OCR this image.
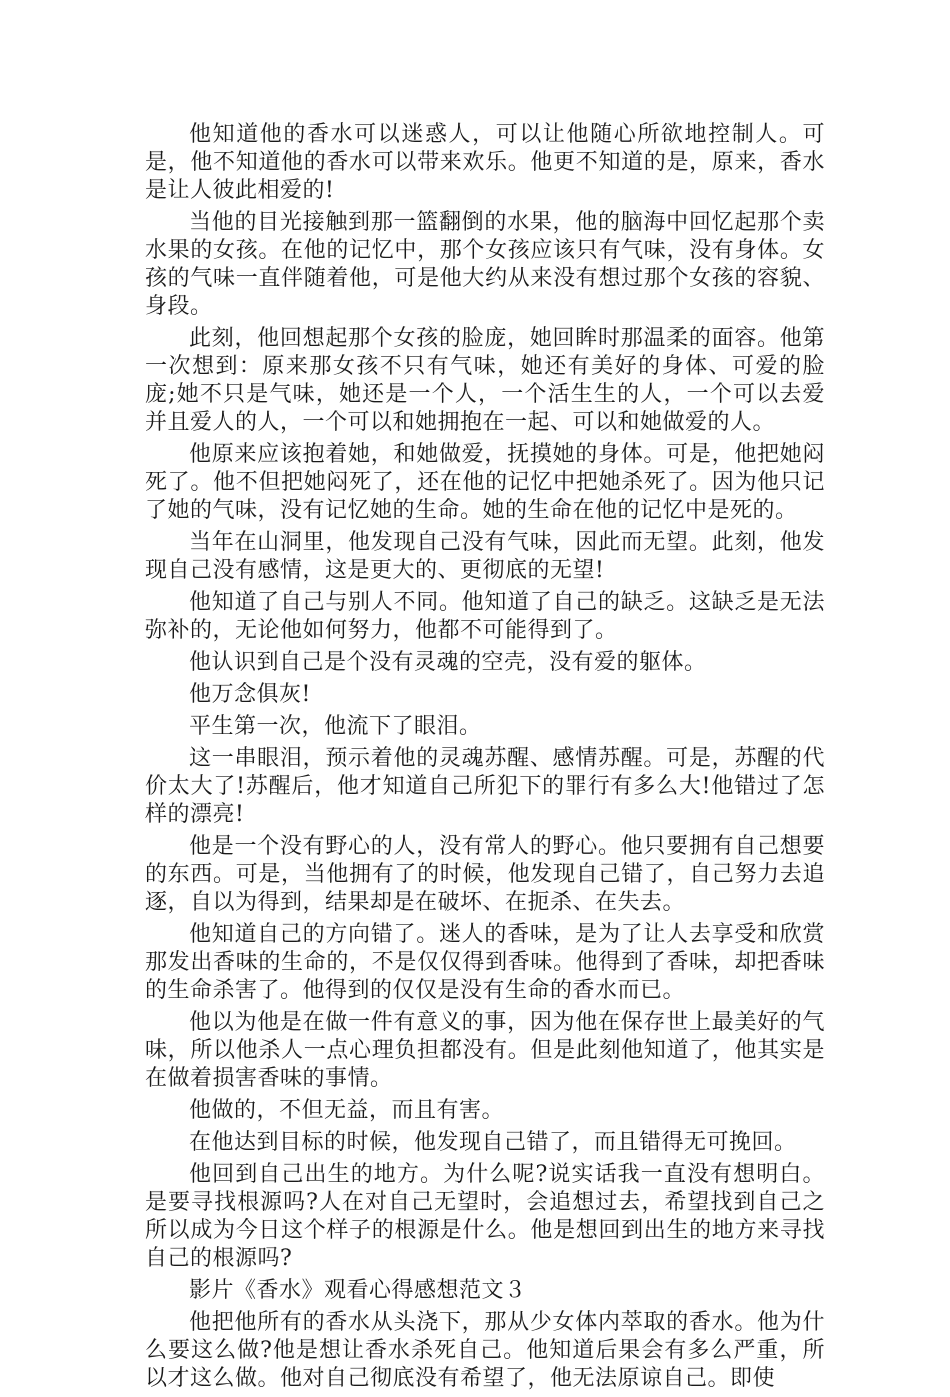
他知道他的香水可以迷惑人，可以让他随心所欲地控制人。可是，他不知道他的香水可以带来欢乐。他更不知道的是，原来，香水是让人彼此相爱的!

当他的目光接触到那一篮翻倒的水果，他的脑海中回忆起那个卖水果的女孩。在他的记忆中，那个女孩应该只有气味，没有身体。女孩的气味一直伴随着他，可是他大约从来没有想过那个女孩的容貌、身段。

此刻，他回想起那个女孩的脸庞，她回眸时那温柔的面容。他第一次想到：原来那女孩不只有气味，她还有美好的身体、可爱的脸庞;她不只是气味，她还是一个人，一个活生生的人，一个可以去爱并且爱人的人，一个可以和她拥抱在一起、可以和她做爱的人。

他原来应该抱着她，和她做爱，抚摸她的身体。可是，他把她闷死了。他不但把她闷死了，还在他的记忆中把她杀死了。因为他只记了她的气味，没有记忆她的生命。她的生命在他的记忆中是死的。

当年在山洞里，他发现自己没有气味，因此而无望。此刻，他发现自己没有感情，这是更大的、更彻底的无望!

他知道了自己与别人不同。他知道了自己的缺乏。这缺乏是无法弥补的，无论他如何努力，他都不可能得到了。

他认识到自己是个没有灵魂的空壳，没有爱的躯体。

他万念俱灰!

平生第一次，他流下了眼泪。

这一串眼泪，预示着他的灵魂苏醒、感情苏醒。可是，苏醒的代价太大了!苏醒后，他才知道自己所犯下的罪行有多么大!他错过了怎样的漂亮!

他是一个没有野心的人，没有常人的野心。他只要拥有自己想要的东西。可是，当他拥有了的时候，他发现自己错了，自己努力去追逐，自以为得到，结果却是在破坏、在扼杀、在失去。

他知道自己的方向错了。迷人的香味，是为了让人去享受和欣赏那发出香味的生命的，不是仅仅得到香味。他得到了香味，却把香味的生命杀害了。他得到的仅仅是没有生命的香水而已。

他以为他是在做一件有意义的事，因为他在保存世上最美好的气味，所以他杀人一点心理负担都没有。但是此刻他知道了，他其实是在做着损害香味的事情。

他做的，不但无益，而且有害。

在他达到目标的时候，他发现自己错了，而且错得无可挽回。

他回到自己出生的地方。为什么呢?说实话我一直没有想明白。是要寻找根源吗?人在对自己无望时，会追想过去，希望找到自己之所以成为今日这个样子的根源是什么。他是想回到出生的地方来寻找自己的根源吗?

影片《香水》观看心得感想范文３

他把他所有的香水从头浇下，那从少女体内萃取的香水。他为什么要这么做?他是想让香水杀死自己。他知道后果会有多么严重，所以才这么做。他对自己彻底没有希望了，他无法原谅自己。即使
